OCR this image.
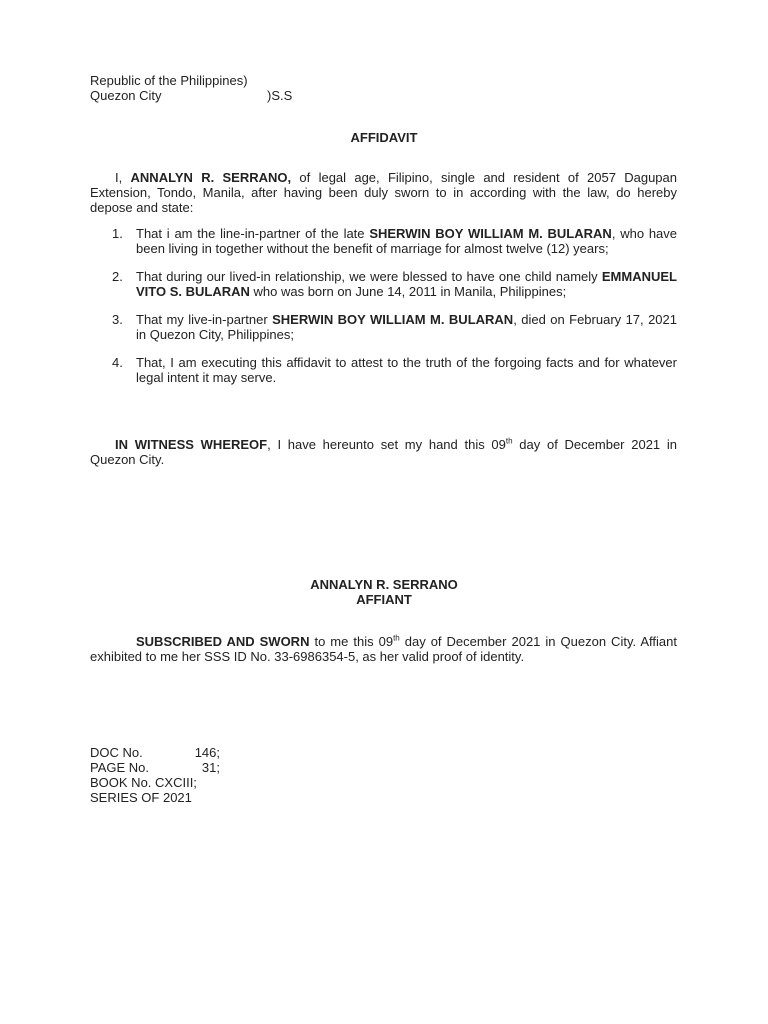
Republic of the Philippines)
Quezon City	)S.S
AFFIDAVIT

I, ANNALYN R. SERRANO, of legal age, Filipino, single and resident of 2057 Dagupan Extension, Tondo, Manila, after having been duly sworn to in according with the law, do hereby depose and state:

1. That i am the line-in-partner of the late SHERWIN BOY WILLIAM M. BULARAN, who have been living in together without the benefit of marriage for almost twelve (12) years;
2. That during our lived-in relationship, we were blessed to have one child namely EMMANUEL VITO S. BULARAN who was born on June 14, 2011 in Manila, Philippines;
3. That my live-in-partner SHERWIN BOY WILLIAM M. BULARAN, died on February 17, 2021 in Quezon City, Philippines;
4. That, I am executing this affidavit to attest to the truth of the forgoing facts and for whatever legal intent it may serve.

IN WITNESS WHEREOF, I have hereunto set my hand this 09th day of December 2021 in Quezon City.

ANNALYN R. SERRANO
AFFIANT

SUBSCRIBED AND SWORN to me this 09th day of December 2021 in Quezon City. Affiant exhibited to me her SSS ID No. 33-6986354-5, as her valid proof of identity.

DOC No.	146;
PAGE No.	31;
BOOK No. CXCIII;
SERIES OF 2021
